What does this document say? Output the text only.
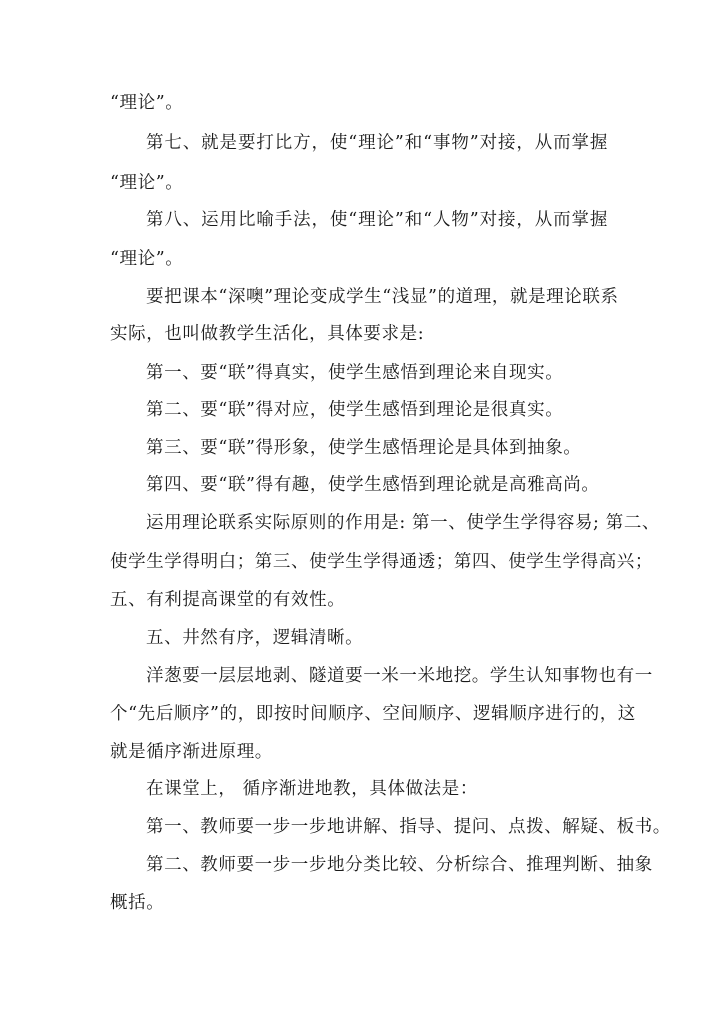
“理论”。
第七、就是要打比方，使“理论”和“事物”对接，从而掌握
“理论”。
第八、运用比喻手法，使“理论”和“人物”对接，从而掌握
“理论”。
要把课本“深噢”理论变成学生“浅显”的道理，就是理论联系
实际，也叫做教学生活化，具体要求是:
第一、要“联”得真实，使学生感悟到理论来自现实。
第二、要“联”得对应，使学生感悟到理论是很真实。
第三、要“联”得形象，使学生感悟理论是具体到抽象。
第四、要“联”得有趣，使学生感悟到理论就是高雅高尚。
运用理论联系实际原则的作用是: 第一、使学生学得容易; 第二、
使学生学得明白；第三、使学生学得通透；第四、使学生学得高兴；
五、有利提高课堂的有效性。
五、井然有序，逻辑清晰。
洋葱要一层层地剥、隧道要一米一米地挖。学生认知事物也有一
个“先后顺序”的，即按时间顺序、空间顺序、逻辑顺序进行的，这
就是循序渐进原理。
在课堂上， 循序渐进地教，具体做法是：
第一、教师要一步一步地讲解、指导、提问、点拨、解疑、板书。
第二、教师要一步一步地分类比较、分析综合、推理判断、抽象
概括。
